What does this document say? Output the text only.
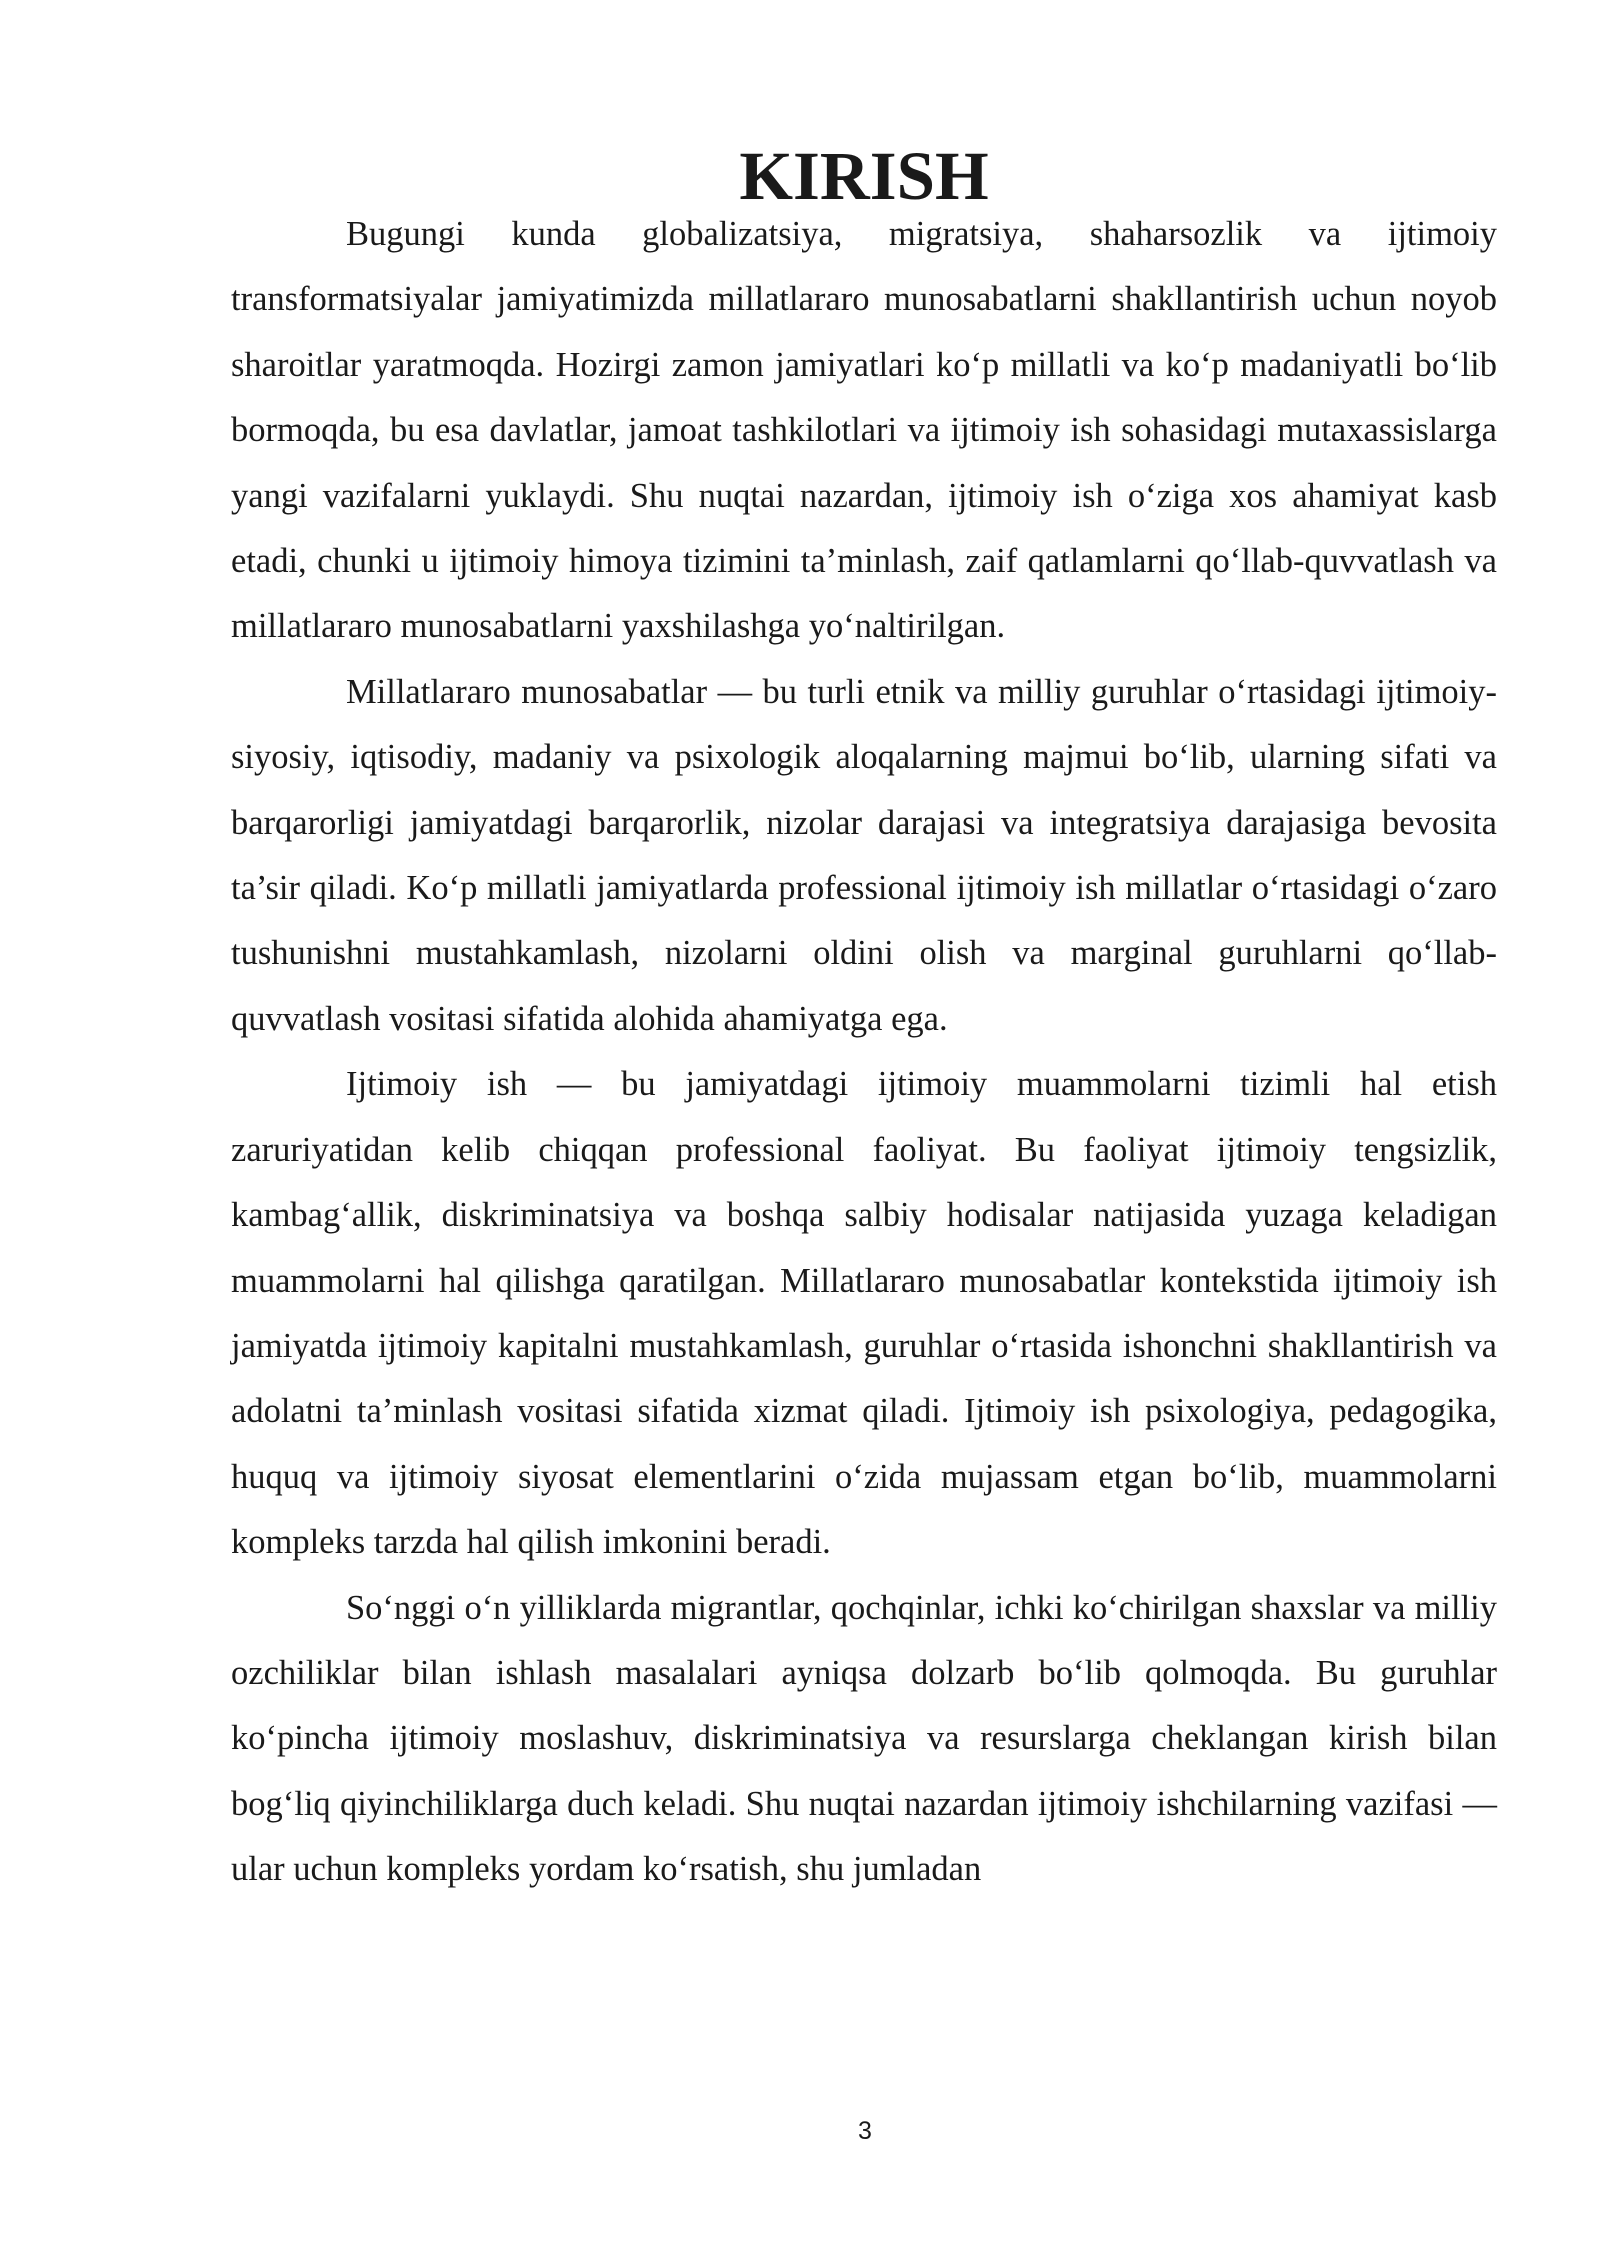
KIRISH

Bugungi kunda globalizatsiya, migratsiya, shaharsozlik va ijtimoiy transformatsiyalar jamiyatimizda millatlararo munosabatlarni shakllantirish uchun noyob sharoitlar yaratmoqda. Hozirgi zamon jamiyatlari ko‘p millatli va ko‘p madaniyatli bo‘lib bormoqda, bu esa davlatlar, jamoat tashkilotlari va ijtimoiy ish sohasidagi mutaxassislarga yangi vazifalarni yuklaydi. Shu nuqtai nazardan, ijtimoiy ish o‘ziga xos ahamiyat kasb etadi, chunki u ijtimoiy himoya tizimini ta’minlash, zaif qatlamlarni qo‘llab-quvvatlash va millatlararo munosabatlarni yaxshilashga yo‘naltirilgan.

Millatlararo munosabatlar — bu turli etnik va milliy guruhlar o‘rtasidagi ijtimoiy-siyosiy, iqtisodiy, madaniy va psixologik aloqalarning majmui bo‘lib, ularning sifati va barqarorligi jamiyatdagi barqarorlik, nizolar darajasi va integratsiya darajasiga bevosita ta’sir qiladi. Ko‘p millatli jamiyatlarda professional ijtimoiy ish millatlar o‘rtasidagi o‘zaro tushunishni mustahkamlash, nizolarni oldini olish va marginal guruhlarni qo‘llab-quvvatlash vositasi sifatida alohida ahamiyatga ega.

Ijtimoiy ish — bu jamiyatdagi ijtimoiy muammolarni tizimli hal etish zaruriyatidan kelib chiqqan professional faoliyat. Bu faoliyat ijtimoiy tengsizlik, kambag‘allik, diskriminatsiya va boshqa salbiy hodisalar natijasida yuzaga keladigan muammolarni hal qilishga qaratilgan. Millatlararo munosabatlar kontekstida ijtimoiy ish jamiyatda ijtimoiy kapitalni mustahkamlash, guruhlar o‘rtasida ishonchni shakllantirish va adolatni ta’minlash vositasi sifatida xizmat qiladi. Ijtimoiy ish psixologiya, pedagogika, huquq va ijtimoiy siyosat elementlarini o‘zida mujassam etgan bo‘lib, muammolarni kompleks tarzda hal qilish imkonini beradi.

So‘nggi o‘n yilliklarda migrantlar, qochqinlar, ichki ko‘chirilgan shaxslar va milliy ozchiliklar bilan ishlash masalalari ayniqsa dolzarb bo‘lib qolmoqda. Bu guruhlar ko‘pincha ijtimoiy moslashuv, diskriminatsiya va resurslarga cheklangan kirish bilan bog‘liq qiyinchiliklarga duch keladi. Shu nuqtai nazardan ijtimoiy ishchilarning vazifasi — ular uchun kompleks yordam ko‘rsatish, shu jumladan

3
